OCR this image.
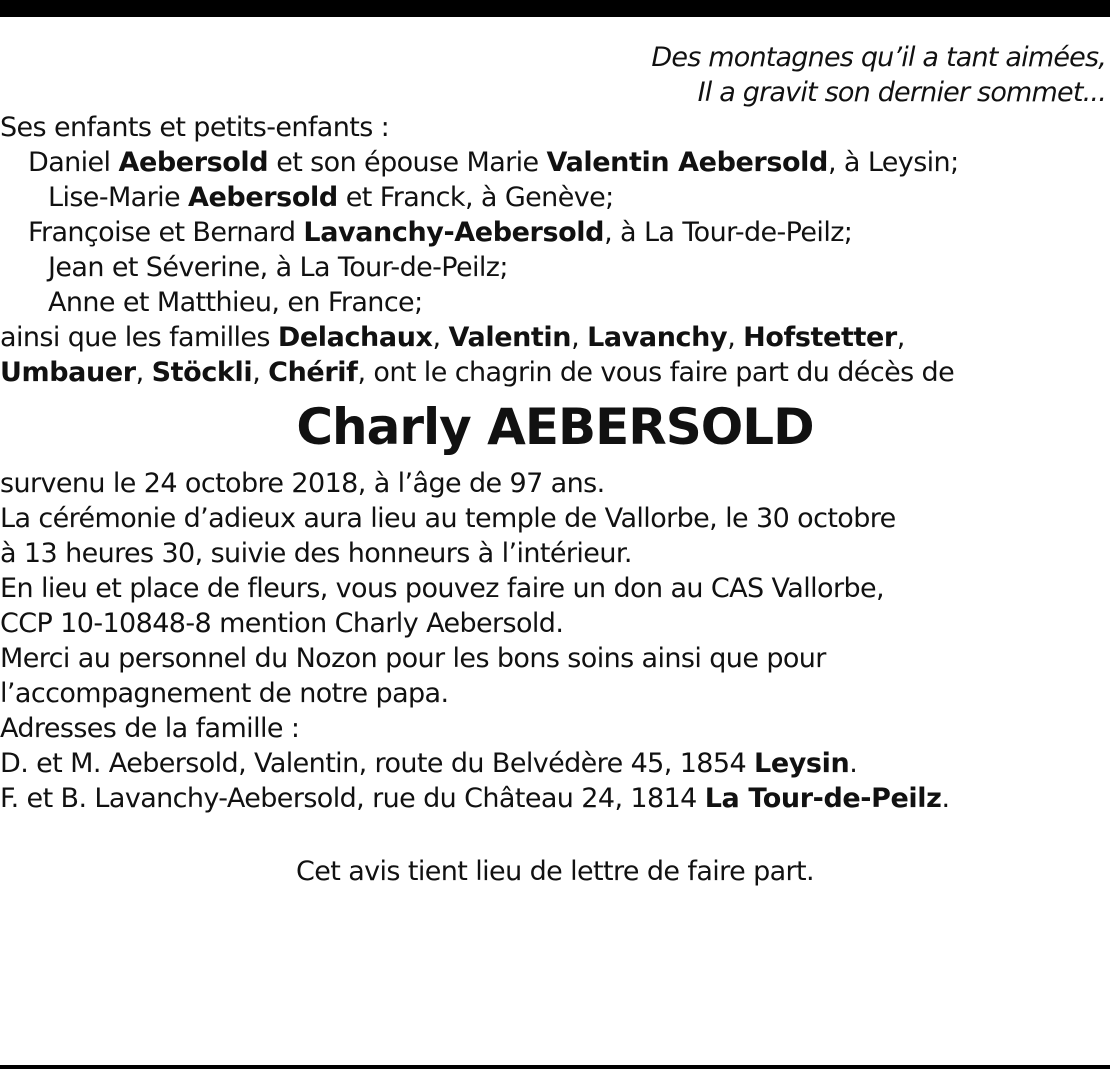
Des montagnes qu’il a tant aimées,
Il a gravit son dernier sommet...
Ses enfants et petits-enfants :
Daniel Aebersold et son épouse Marie Valentin Aebersold, à Leysin;
Lise-Marie Aebersold et Franck, à Genève;
Françoise et Bernard Lavanchy-Aebersold, à La Tour-de-Peilz;
Jean et Séverine, à La Tour-de-Peilz;
Anne et Matthieu, en France;
ainsi que les familles Delachaux, Valentin, Lavanchy, Hofstetter,
Umbauer, Stöckli, Chérif, ont le chagrin de vous faire part du décès de
Charly AEBERSOLD
survenu le 24 octobre 2018, à l’âge de 97 ans.
La cérémonie d’adieux aura lieu au temple de Vallorbe, le 30 octobre
à 13 heures 30, suivie des honneurs à l’intérieur.
En lieu et place de fleurs, vous pouvez faire un don au CAS Vallorbe,
CCP 10-10848-8 mention Charly Aebersold.
Merci au personnel du Nozon pour les bons soins ainsi que pour
l’accompagnement de notre papa.
Adresses de la famille :
D. et M. Aebersold, Valentin, route du Belvédère 45, 1854 Leysin.
F. et B. Lavanchy-Aebersold, rue du Château 24, 1814 La Tour-de-Peilz.
Cet avis tient lieu de lettre de faire part.
